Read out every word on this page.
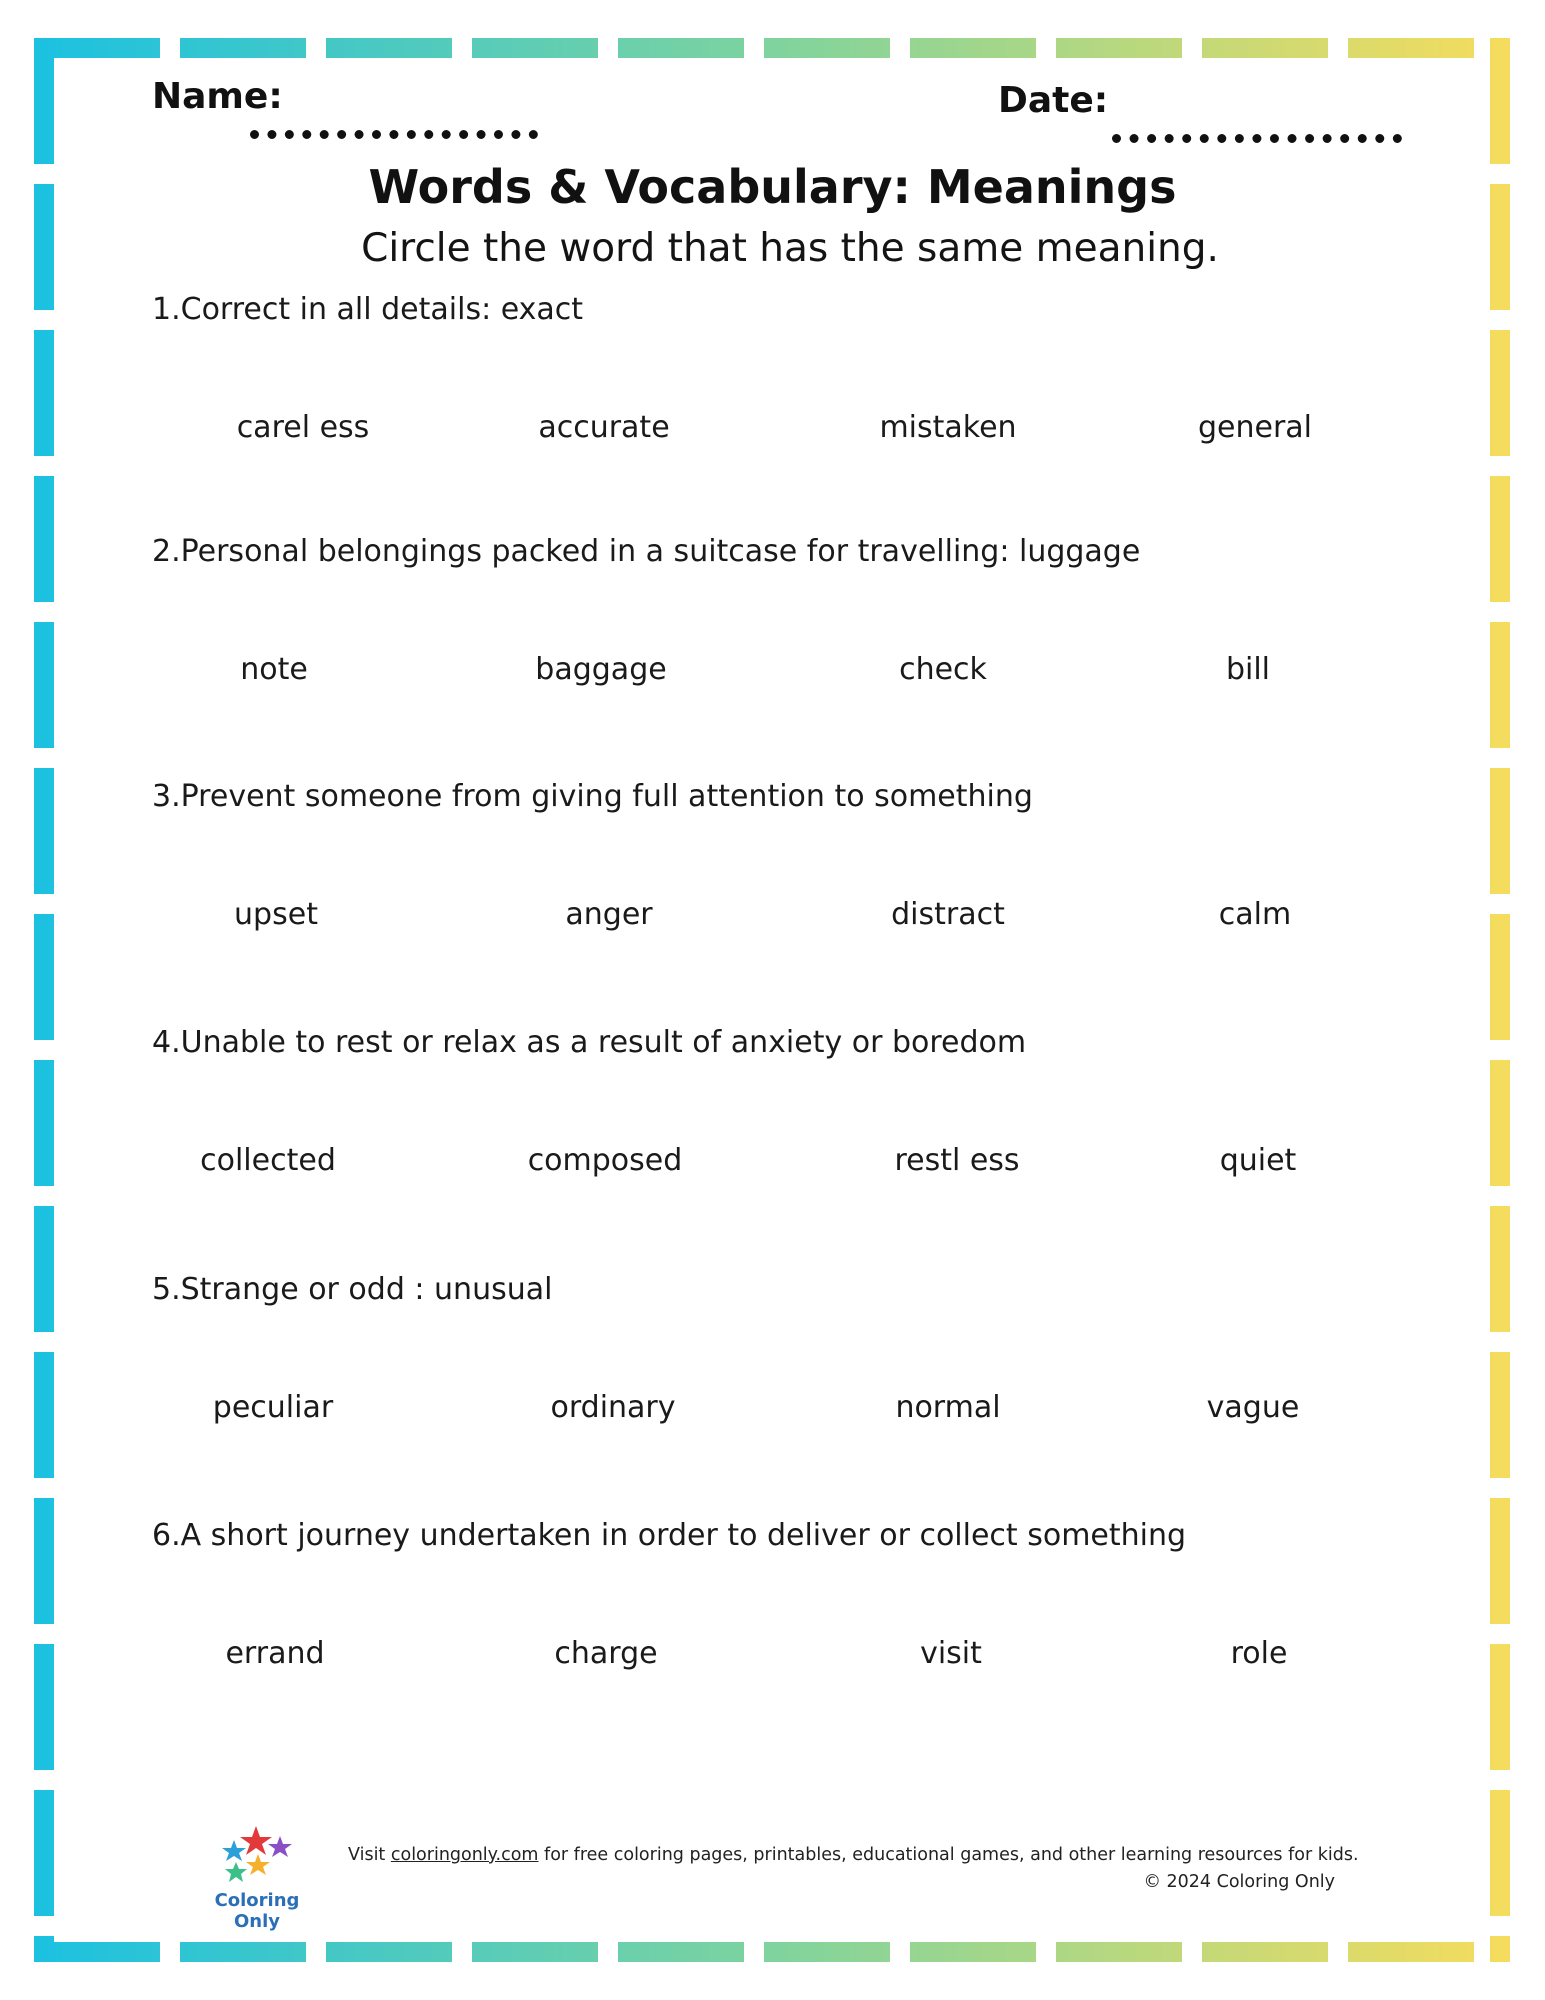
Name:	Date:
Words & Vocabulary: Meanings
Circle the word that has the same meaning.
1.Correct in all details: exact
carel ess	accurate	mistaken	general
2.Personal belongings packed in a suitcase for travelling: luggage
note	baggage	check	bill
3.Prevent someone from giving full attention to something
upset	anger	distract	calm
4.Unable to rest or relax as a result of anxiety or boredom
collected	composed	restl ess	quiet
5.Strange or odd : unusual
peculiar	ordinary	normal	vague
6.A short journey undertaken in order to deliver or collect something
errand	charge	visit	role
Coloring Only
Visit coloringonly.com for free coloring pages, printables, educational games, and other learning resources for kids.
© 2024 Coloring Only
